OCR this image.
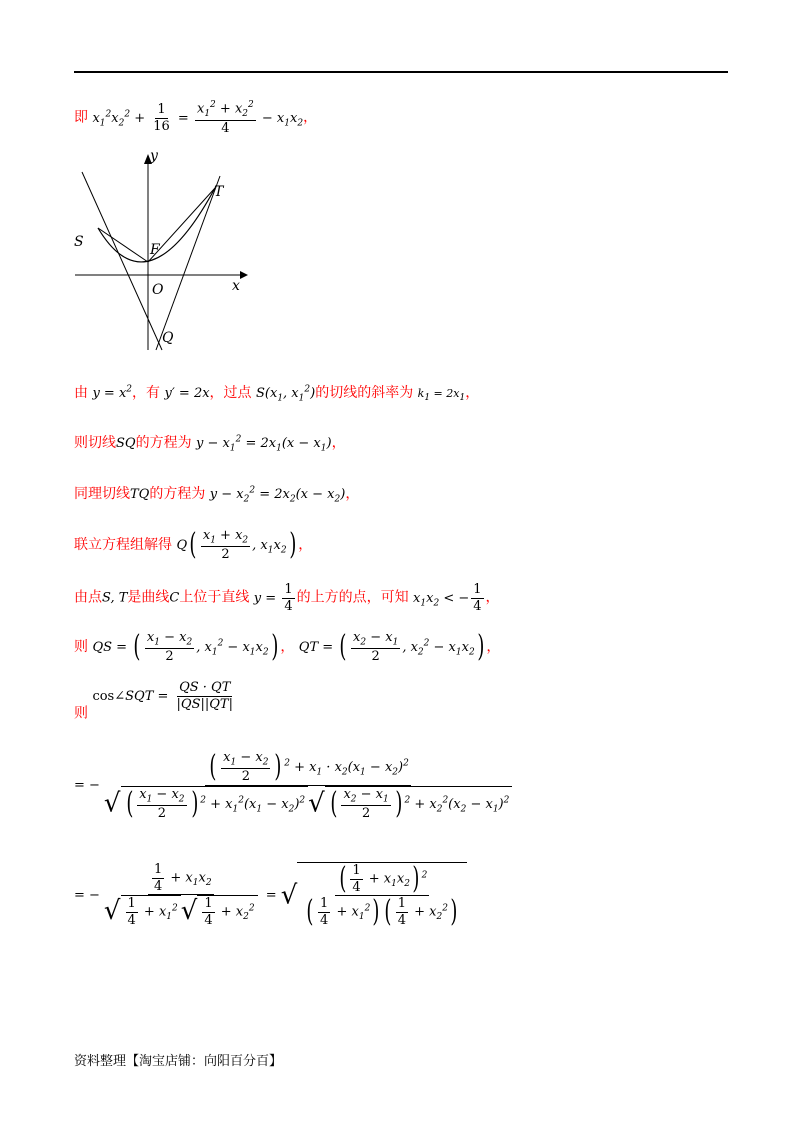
即 $x_1^2x_2^2 + \frac{1}{16} = \frac{x_1^2 + x_2^2}{4} - x_1x_2$，
y
x
S
T
F
O
Q
由 $y = x^2$，有 y′ = 2x，过点 $S(x_1$, $x_1^2$)的切线的斜率为 $k_1 = 2x_1$，
则切线SQ的方程为 $y - x_1^2 = 2x_1(x - x_1)$，
同理切线TQ的方程为 $y - x_2^2 = 2x_2(x - x_2)$，
联立方程组解得 $Q( \frac{x_1 + x_2}{2}$ , $x_1x_2$) ，
由点S, T是曲线C上位于直线 $y = \frac{1}{4}$ 的上方的点，可知 $x_1x_2$ < − $\frac{1}{4}$ ，
则 QS = ( $\frac{x_1 - x_2}{2}$ , $x_1^2 - x_1x_2$) ， QT = ( $\frac{x_2 - x_1}{2}$ , $x_2^2 - x_1x_2$) ，
则 cos∠SQT = $\frac{QS \cdot QT}{|QS||QT|}$
= − $\frac{( \frac{x_1 - x_2}{2} ) ^2 + x_1 \cdot x_2(x_1 - x_2)^2}{√ ( \frac{x_1 - x_2}{2} ) ^2 + x_1^2(x_1 - x_2)^2 √ ( \frac{x_2 - x_1}{2} ) ^2 + x_2^2(x_2 - x_1)^2}$
= − $\frac{\frac{1}{4} + x_1x_2}{√ \frac{1}{4} + x_1^2 √ \frac{1}{4} + x_2^2}$ = √ $\frac{( \frac{1}{4} + x_1x_2) ^2}{( \frac{1}{4} + x_1^2) ( \frac{1}{4} + x_2^2)}$
资料整理【淘宝店铺：向阳百分百】
